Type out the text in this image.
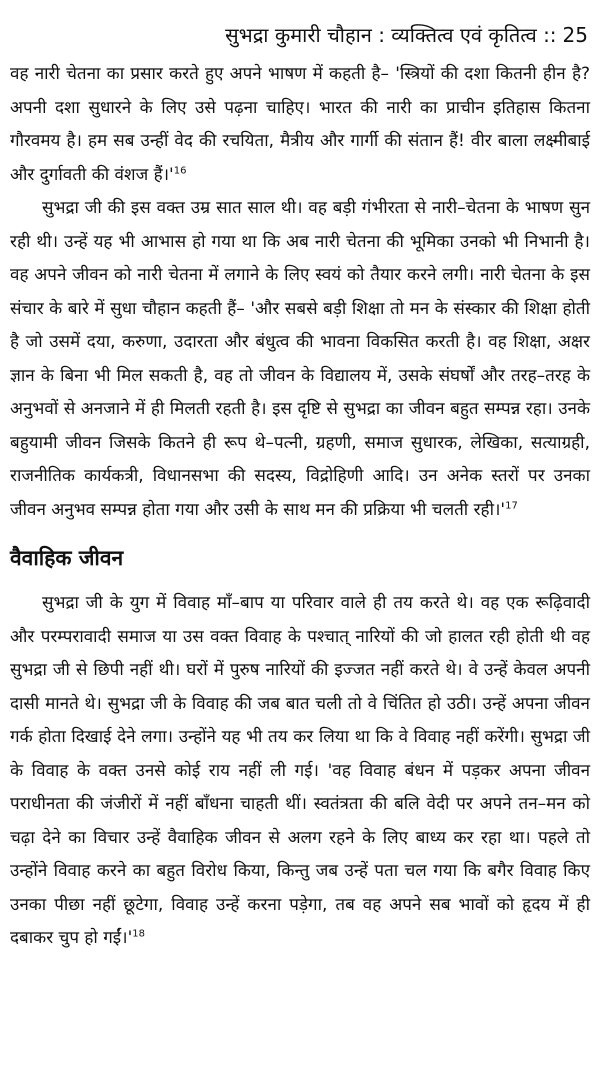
सुभद्रा कुमारी चौहान : व्यक्तित्व एवं कृतित्व :: 25

वह नारी चेतना का प्रसार करते हुए अपने भाषण में कहती है– 'स्त्रियों की दशा कितनी हीन है? अपनी दशा सुधारने के लिए उसे पढ़ना चाहिए। भारत की नारी का प्राचीन इतिहास कितना गौरवमय है। हम सब उन्हीं वेद की रचयिता, मैत्रीय और गार्गी की संतान हैं! वीर बाला लक्ष्मीबाई और दुर्गावती की वंशज हैं।'$^{16}$

सुभद्रा जी की इस वक्त उम्र सात साल थी। वह बड़ी गंभीरता से नारी–चेतना के भाषण सुन रही थी। उन्हें यह भी आभास हो गया था कि अब नारी चेतना की भूमिका उनको भी निभानी है। वह अपने जीवन को नारी चेतना में लगाने के लिए स्वयं को तैयार करने लगी। नारी चेतना के इस संचार के बारे में सुधा चौहान कहती हैं– 'और सबसे बड़ी शिक्षा तो मन के संस्कार की शिक्षा होती है जो उसमें दया, करुणा, उदारता और बंधुत्व की भावना विकसित करती है। वह शिक्षा, अक्षर ज्ञान के बिना भी मिल सकती है, वह तो जीवन के विद्यालय में, उसके संघर्षों और तरह–तरह के अनुभवों से अनजाने में ही मिलती रहती है। इस दृष्टि से सुभद्रा का जीवन बहुत सम्पन्न रहा। उनके बहुयामी जीवन जिसके कितने ही रूप थे–पत्नी, ग्रहणी, समाज सुधारक, लेखिका, सत्याग्रही, राजनीतिक कार्यकत्री, विधानसभा की सदस्य, विद्रोहिणी आदि। उन अनेक स्तरों पर उनका जीवन अनुभव सम्पन्न होता गया और उसी के साथ मन की प्रक्रिया भी चलती रही।'$^{17}$

वैवाहिक जीवन

सुभद्रा जी के युग में विवाह माँ–बाप या परिवार वाले ही तय करते थे। वह एक रूढ़िवादी और परम्परावादी समाज या उस वक्त विवाह के पश्चात् नारियों की जो हालत रही होती थी वह सुभद्रा जी से छिपी नहीं थी। घरों में पुरुष नारियों की इज्जत नहीं करते थे। वे उन्हें केवल अपनी दासी मानते थे। सुभद्रा जी के विवाह की जब बात चली तो वे चिंतित हो उठी। उन्हें अपना जीवन गर्क होता दिखाई देने लगा। उन्होंने यह भी तय कर लिया था कि वे विवाह नहीं करेंगी। सुभद्रा जी के विवाह के वक्त उनसे कोई राय नहीं ली गई। 'वह विवाह बंधन में पड़कर अपना जीवन पराधीनता की जंजीरों में नहीं बाँधना चाहती थीं। स्वतंत्रता की बलि वेदी पर अपने तन–मन को चढ़ा देने का विचार उन्हें वैवाहिक जीवन से अलग रहने के लिए बाध्य कर रहा था। पहले तो उन्होंने विवाह करने का बहुत विरोध किया, किन्तु जब उन्हें पता चल गया कि बगैर विवाह किए उनका पीछा नहीं छूटेगा, विवाह उन्हें करना पड़ेगा, तब वह अपने सब भावों को हृदय में ही दबाकर चुप हो गईं।'$^{18}$
